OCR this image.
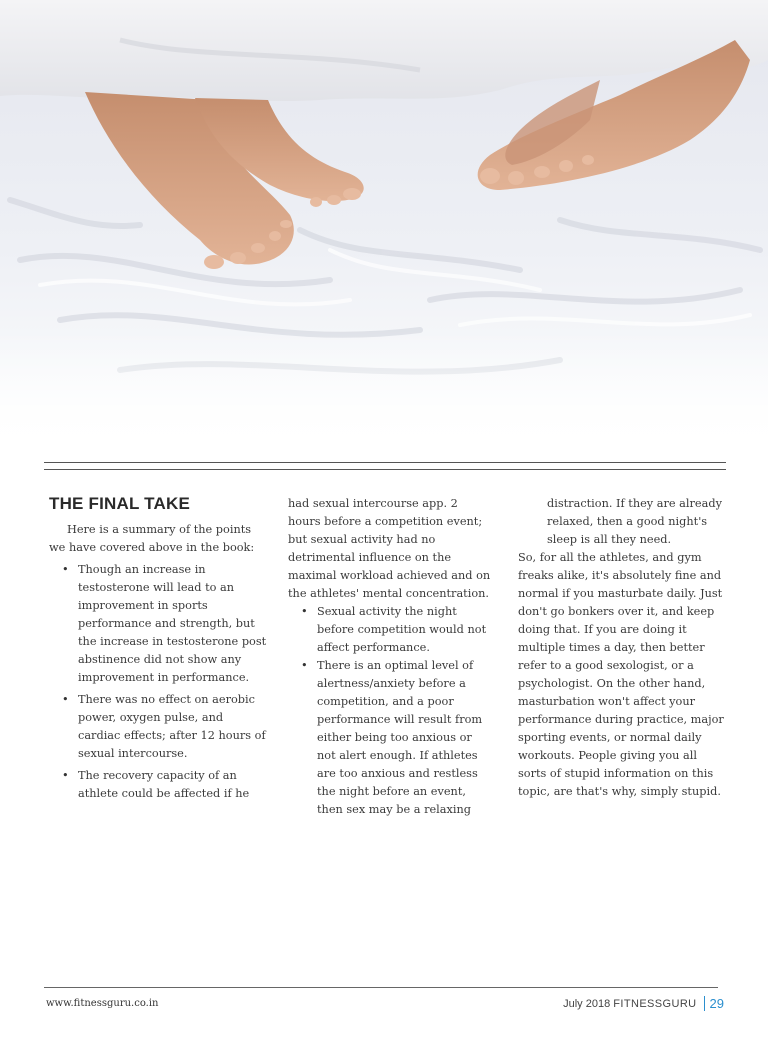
THE FINAL TAKE

Here is a summary of the points we have covered above in the book:

• Though an increase in testosterone will lead to an improvement in sports performance and strength, but the increase in testosterone post abstinence did not show any improvement in performance.
• There was no effect on aerobic power, oxygen pulse, and cardiac effects; after 12 hours of sexual intercourse.
• The recovery capacity of an athlete could be affected if he

had sexual intercourse app. 2 hours before a competition event; but sexual activity had no detrimental influence on the maximal workload achieved and on the athletes' mental concentration.

• Sexual activity the night before competition would not affect performance.
• There is an optimal level of alertness/anxiety before a competition, and a poor performance will result from either being too anxious or not alert enough. If athletes are too anxious and restless the night before an event, then sex may be a relaxing

distraction. If they are already relaxed, then a good night's sleep is all they need.

So, for all the athletes, and gym freaks alike, it's absolutely fine and normal if you masturbate daily. Just don't go bonkers over it, and keep doing that. If you are doing it multiple times a day, then better refer to a good sexologist, or a psychologist. On the other hand, masturbation won't affect your performance during practice, major sporting events, or normal daily workouts. People giving you all sorts of stupid information on this topic, are that's why, simply stupid.

www.fitnessguru.co.in	July 2018
FITNESSGURU 29
